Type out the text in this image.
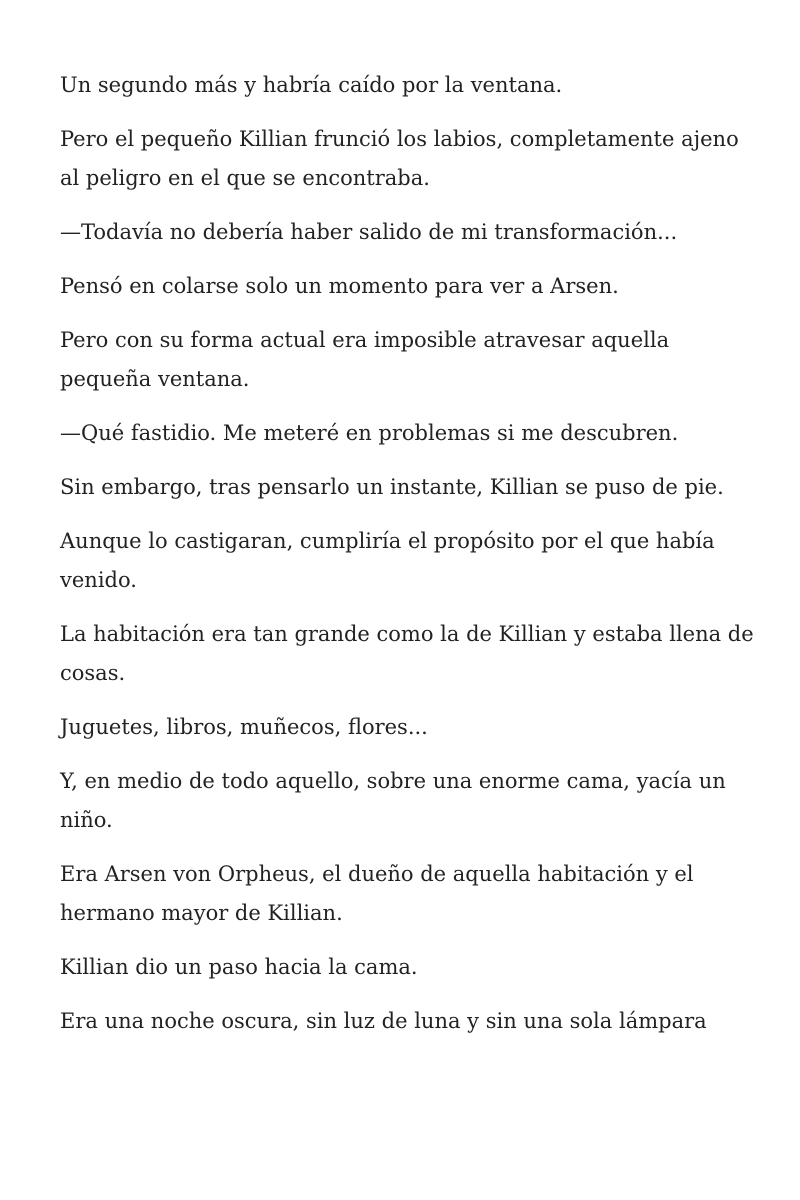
Un segundo más y habría caído por la ventana.

Pero el pequeño Killian frunció los labios, completamente ajeno al peligro en el que se encontraba.

—Todavía no debería haber salido de mi transformación...

Pensó en colarse solo un momento para ver a Arsen.

Pero con su forma actual era imposible atravesar aquella pequeña ventana.

—Qué fastidio. Me meteré en problemas si me descubren.

Sin embargo, tras pensarlo un instante, Killian se puso de pie.

Aunque lo castigaran, cumpliría el propósito por el que había venido.

La habitación era tan grande como la de Killian y estaba llena de cosas.

Juguetes, libros, muñecos, flores...

Y, en medio de todo aquello, sobre una enorme cama, yacía un niño.

Era Arsen von Orpheus, el dueño de aquella habitación y el hermano mayor de Killian.

Killian dio un paso hacia la cama.

Era una noche oscura, sin luz de luna y sin una sola lámpara
